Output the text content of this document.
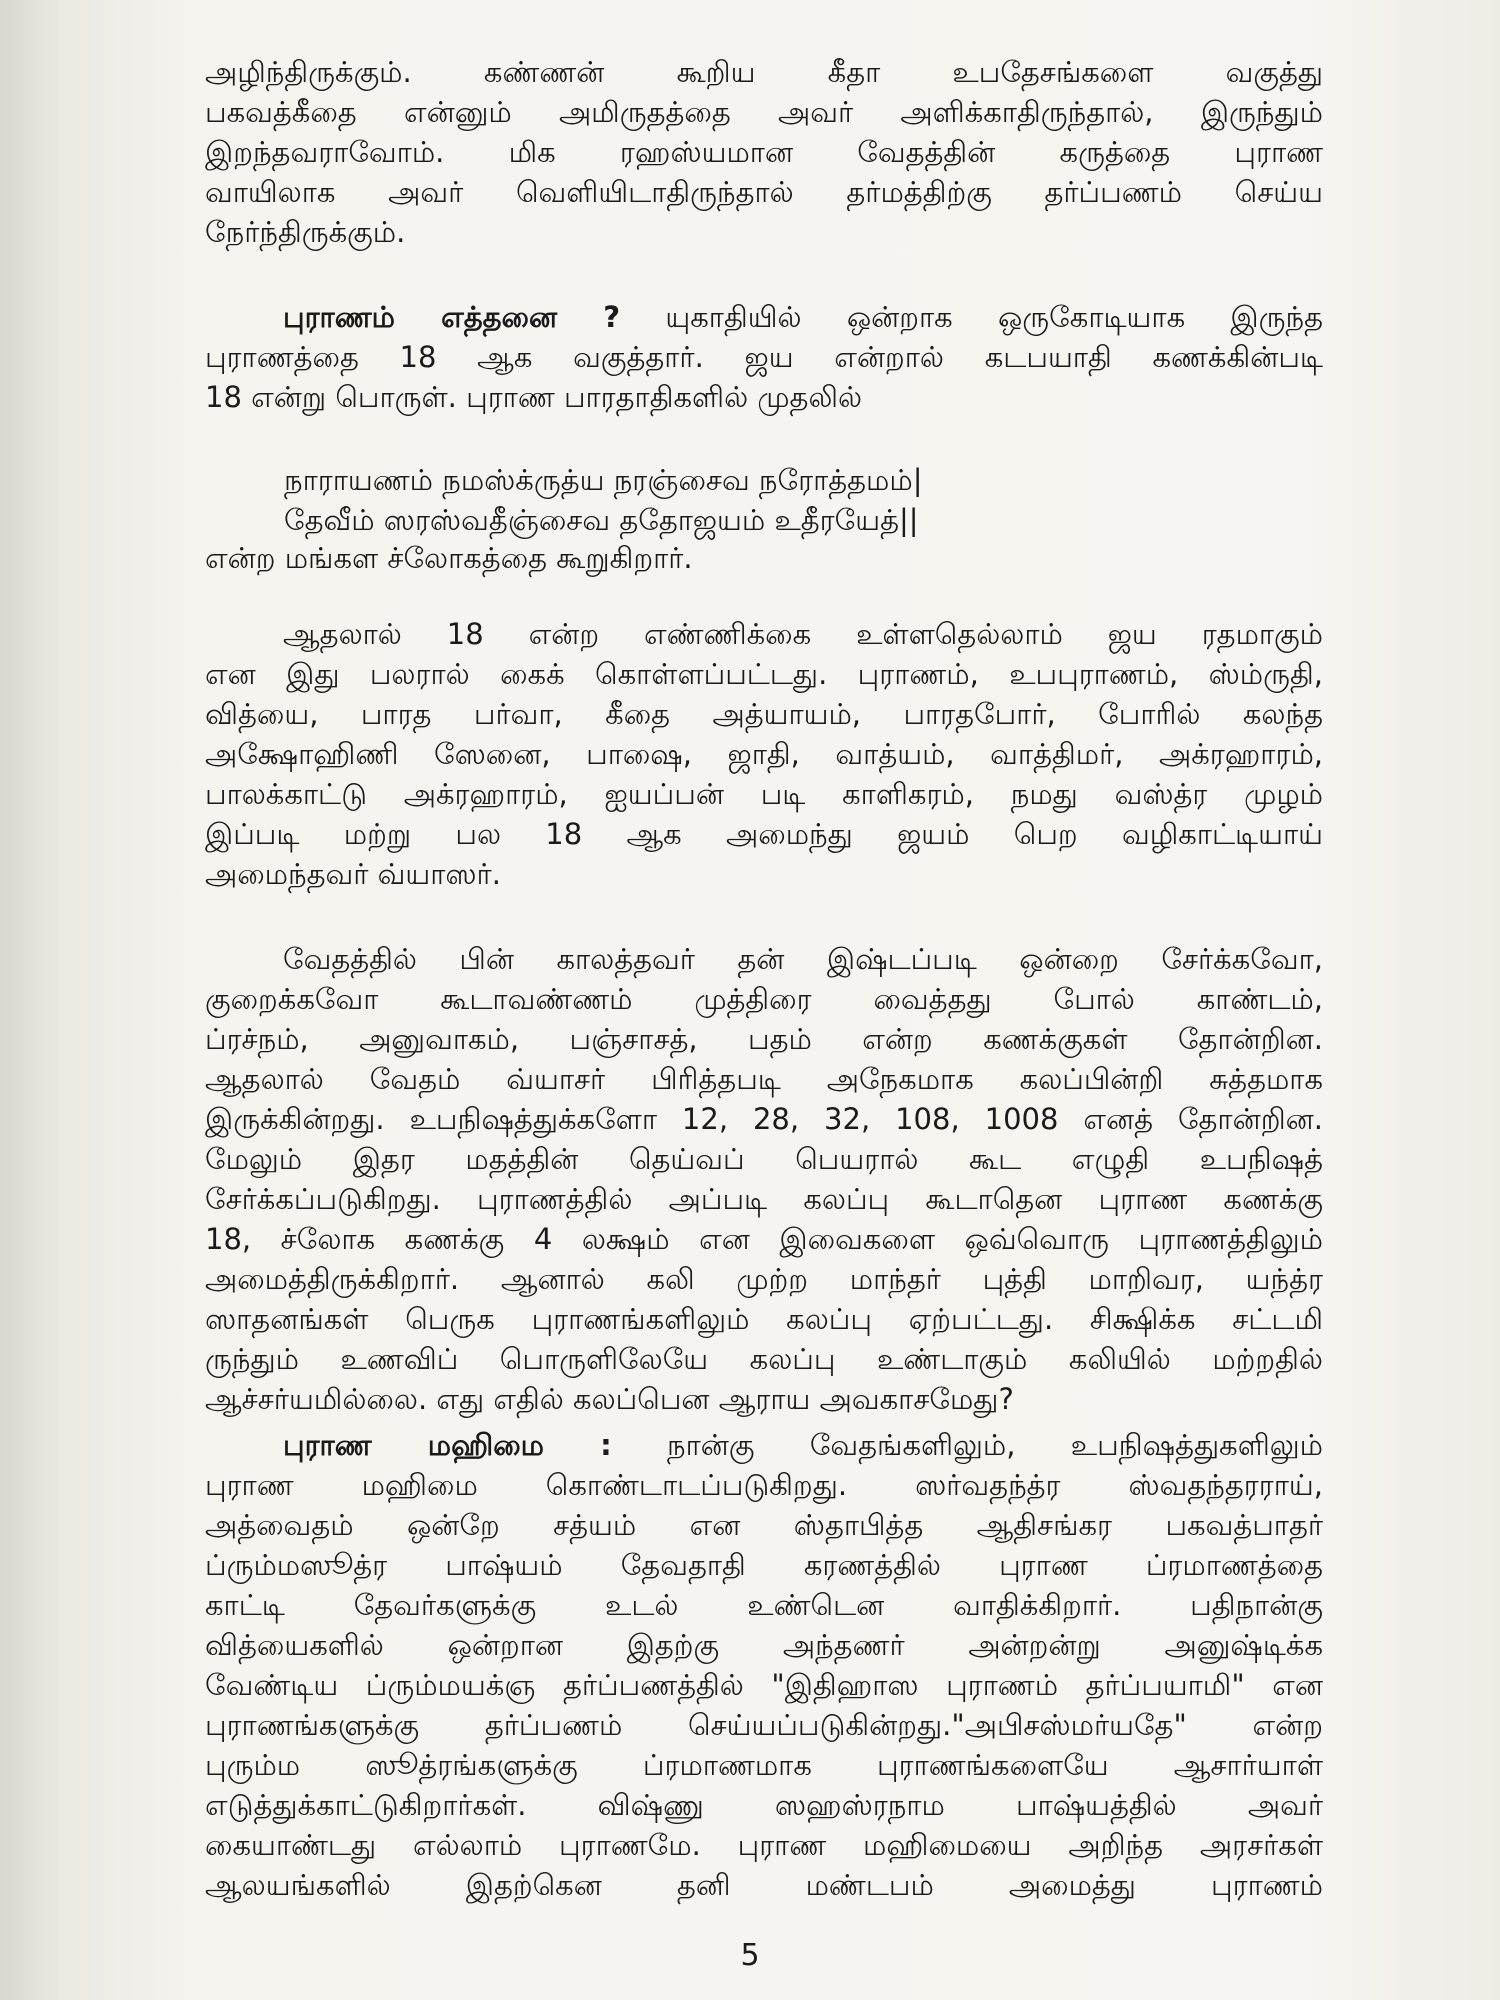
அழிந்திருக்கும். கண்ணன் கூறிய கீதா உபதேசங்களை வகுத்து
பகவத்கீதை என்னும் அமிருதத்தை அவர் அளிக்காதிருந்தால், இருந்தும்
இறந்தவராவோம். மிக ரஹஸ்யமான வேதத்தின் கருத்தை புராண
வாயிலாக அவர் வெளியிடாதிருந்தால் தர்மத்திற்கு தர்ப்பணம் செய்ய
நேர்ந்திருக்கும்.
புராணம் எத்தனை ? யுகாதியில் ஒன்றாக ஒருகோடியாக இருந்த
புராணத்தை 18 ஆக வகுத்தார். ஜய என்றால் கடபயாதி கணக்கின்படி
18 என்று பொருள். புராண பாரதாதிகளில் முதலில்
நாராயணம் நமஸ்க்ருத்ய நரஞ்சைவ நரோத்தமம்|
தேவீம் ஸரஸ்வதீஞ்சைவ ததோஜயம் உதீரயேத்||
என்ற மங்கள ச்லோகத்தை கூறுகிறார்.
ஆதலால் 18 என்ற எண்ணிக்கை உள்ளதெல்லாம் ஜய ரதமாகும்
என இது பலரால் கைக் கொள்ளப்பட்டது. புராணம், உபபுராணம், ஸ்ம்ருதி,
வித்யை, பாரத பர்வா, கீதை அத்யாயம், பாரதபோர், போரில் கலந்த
அக்ஷோஹிணி ஸேனை, பாஷை, ஜாதி, வாத்யம், வாத்திமர், அக்ரஹாரம்,
பாலக்காட்டு அக்ரஹாரம், ஐயப்பன் படி காளிகரம், நமது வஸ்த்ர முழம்
இப்படி மற்று பல 18 ஆக அமைந்து ஜயம் பெற வழிகாட்டியாய்
அமைந்தவர் வ்யாஸர்.
வேதத்தில் பின் காலத்தவர் தன் இஷ்டப்படி ஒன்றை சேர்க்கவோ,
குறைக்கவோ கூடாவண்ணம் முத்திரை வைத்தது போல் காண்டம்,
ப்ரச்நம், அனுவாகம், பஞ்சாசத், பதம் என்ற கணக்குகள் தோன்றின.
ஆதலால் வேதம் வ்யாசர் பிரித்தபடி அநேகமாக கலப்பின்றி சுத்தமாக
இருக்கின்றது. உபநிஷத்துக்களோ 12, 28, 32, 108, 1008 எனத் தோன்றின.
மேலும் இதர மதத்தின் தெய்வப் பெயரால் கூட எழுதி உபநிஷத்
சேர்க்கப்படுகிறது. புராணத்தில் அப்படி கலப்பு கூடாதென புராண கணக்கு
18, ச்லோக கணக்கு 4 லக்ஷம் என இவைகளை ஒவ்வொரு புராணத்திலும்
அமைத்திருக்கிறார். ஆனால் கலி முற்ற மாந்தர் புத்தி மாறிவர, யந்த்ர
ஸாதனங்கள் பெருக புராணங்களிலும் கலப்பு ஏற்பட்டது. சிக்ஷிக்க சட்டமி
ருந்தும் உணவிப் பொருளிலேயே கலப்பு உண்டாகும் கலியில் மற்றதில்
ஆச்சர்யமில்லை. எது எதில் கலப்பென ஆராய அவகாசமேது?
புராண மஹிமை : நான்கு வேதங்களிலும், உபநிஷத்துகளிலும்
புராண மஹிமை கொண்டாடப்படுகிறது. ஸர்வதந்த்ர ஸ்வதந்தரராய்,
அத்வைதம் ஒன்றே சத்யம் என ஸ்தாபித்த ஆதிசங்கர பகவத்பாதர்
ப்ரும்மஸூத்ர பாஷ்யம் தேவதாதி கரணத்தில் புராண ப்ரமாணத்தை
காட்டி தேவர்களுக்கு உடல் உண்டென வாதிக்கிறார். பதிநான்கு
வித்யைகளில் ஒன்றான இதற்கு அந்தணர் அன்றன்று அனுஷ்டிக்க
வேண்டிய ப்ரும்மயக்ஞ தர்ப்பணத்தில் "இதிஹாஸ புராணம் தர்ப்பயாமி" என
புராணங்களுக்கு தர்ப்பணம் செய்யப்படுகின்றது."அபிசஸ்மர்யதே" என்ற
புரும்ம ஸூத்ரங்களுக்கு ப்ரமாணமாக புராணங்களையே ஆசார்யாள்
எடுத்துக்காட்டுகிறார்கள். விஷ்ணு ஸஹஸ்ரநாம பாஷ்யத்தில் அவர்
கையாண்டது எல்லாம் புராணமே. புராண மஹிமையை அறிந்த அரசர்கள்
ஆலயங்களில் இதற்கென தனி மண்டபம் அமைத்து புராணம்
5
